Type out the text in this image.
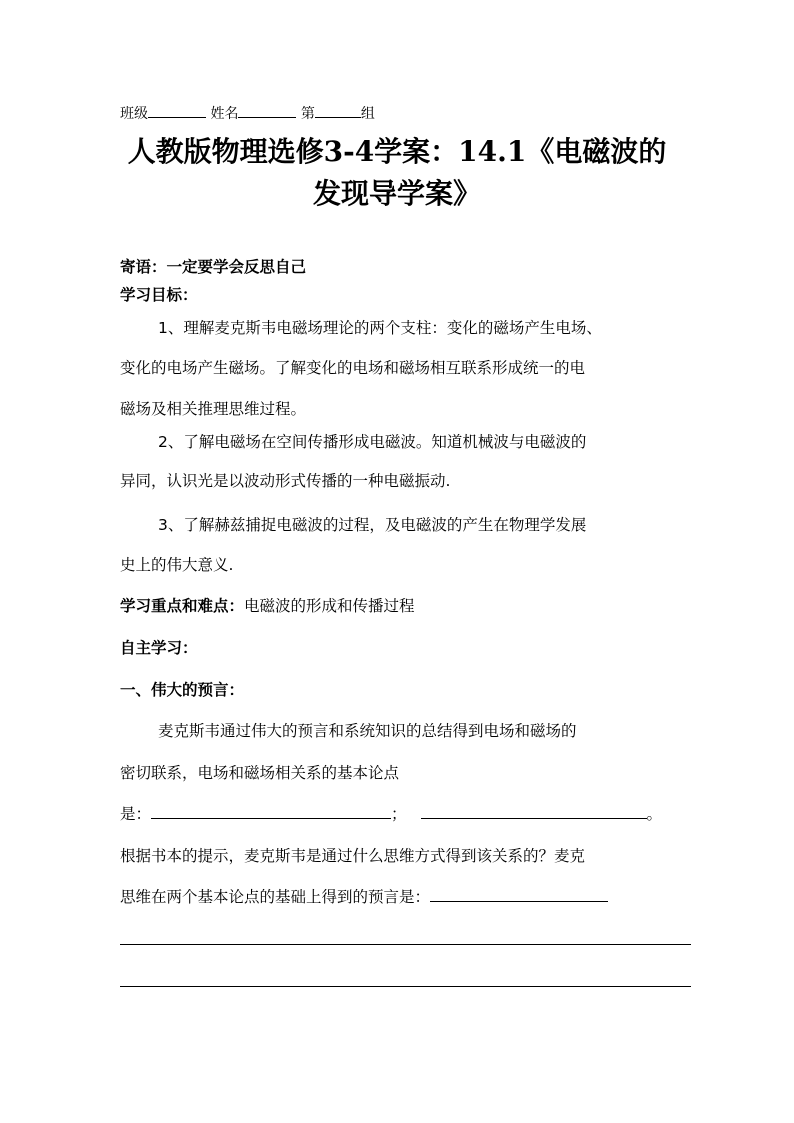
班级	姓名	第	组
人教版物理选修3-4学案：14.1《电磁波的
发现导学案》
寄语：一定要学会反思自己
学习目标：
1、理解麦克斯韦电磁场理论的两个支柱：变化的磁场产生电场、
变化的电场产生磁场。了解变化的电场和磁场相互联系形成统一的电
磁场及相关推理思维过程。
2、了解电磁场在空间传播形成电磁波。知道机械波与电磁波的
异同，认识光是以波动形式传播的一种电磁振动.
3、了解赫兹捕捉电磁波的过程，及电磁波的产生在物理学发展
史上的伟大意义.
学习重点和难点：电磁波的形成和传播过程
自主学习：
一、伟大的预言：
麦克斯韦通过伟大的预言和系统知识的总结得到电场和磁场的
密切联系，电场和磁场相关系的基本论点
是：	；	。
根据书本的提示，麦克斯韦是通过什么思维方式得到该关系的？麦克
思维在两个基本论点的基础上得到的预言是：
